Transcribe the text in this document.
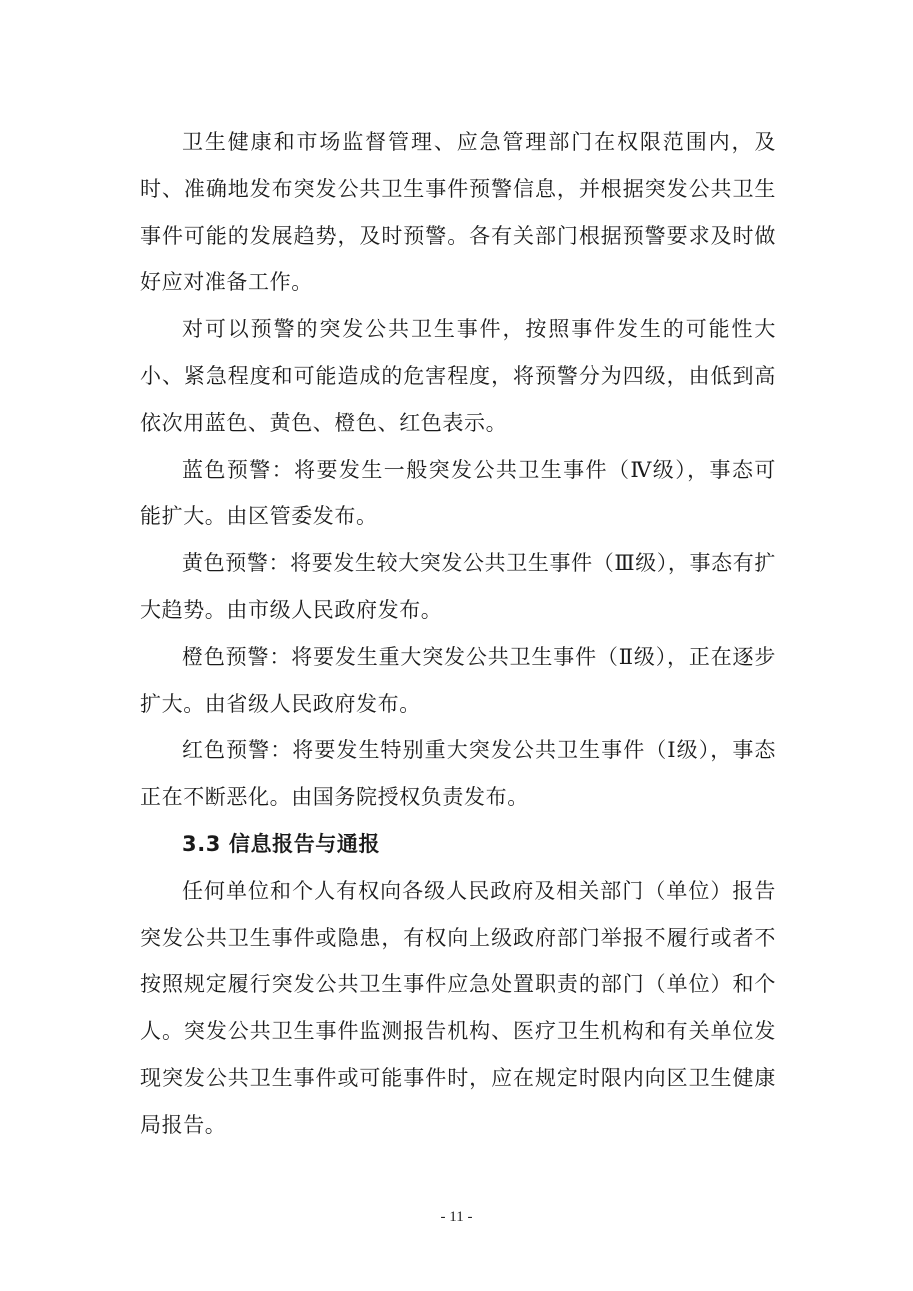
卫生健康和市场监督管理、应急管理部门在权限范围内，及时、准确地发布突发公共卫生事件预警信息，并根据突发公共卫生事件可能的发展趋势，及时预警。各有关部门根据预警要求及时做好应对准备工作。

对可以预警的突发公共卫生事件，按照事件发生的可能性大小、紧急程度和可能造成的危害程度，将预警分为四级，由低到高依次用蓝色、黄色、橙色、红色表示。

蓝色预警：将要发生一般突发公共卫生事件（Ⅳ级），事态可能扩大。由区管委发布。

黄色预警：将要发生较大突发公共卫生事件（Ⅲ级），事态有扩大趋势。由市级人民政府发布。

橙色预警：将要发生重大突发公共卫生事件（Ⅱ级），正在逐步扩大。由省级人民政府发布。

红色预警：将要发生特别重大突发公共卫生事件（Ⅰ级），事态正在不断恶化。由国务院授权负责发布。

3.3 信息报告与通报

任何单位和个人有权向各级人民政府及相关部门（单位）报告突发公共卫生事件或隐患，有权向上级政府部门举报不履行或者不按照规定履行突发公共卫生事件应急处置职责的部门（单位）和个人。突发公共卫生事件监测报告机构、医疗卫生机构和有关单位发现突发公共卫生事件或可能事件时，应在规定时限内向区卫生健康局报告。

- 11 -
